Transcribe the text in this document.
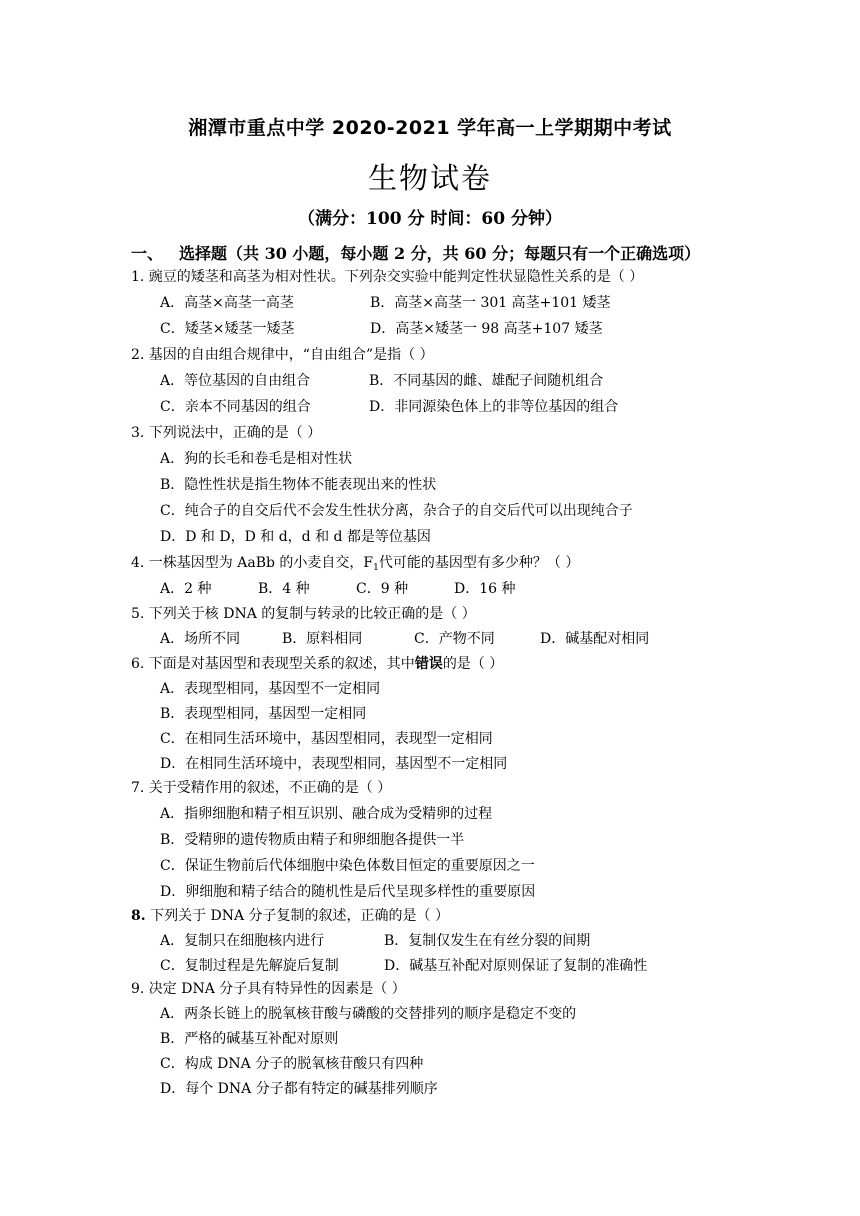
湘潭市重点中学 2020-2021 学年高一上学期期中考试
生物试卷
（满分：100 分 时间：60 分钟）
一、 选择题（共 30 小题，每小题 2 分，共 60 分；每题只有一个正确选项）
1. 豌豆的矮茎和高茎为相对性状。下列杂交实验中能判定性状显隐性关系的是（ ）
A．高茎×高茎一高茎	B．高茎×高茎一 301 高茎+101 矮茎
C．矮茎×矮茎一矮茎	D．高茎×矮茎一 98 高茎+107 矮茎
2. 基因的自由组合规律中，“自由组合”是指（ ）
A．等位基因的自由组合	B．不同基因的雌、雄配子间随机组合
C．亲本不同基因的组合	D．非同源染色体上的非等位基因的组合
3. 下列说法中，正确的是（ ）
A．狗的长毛和卷毛是相对性状
B．隐性性状是指生物体不能表现出来的性状
C．纯合子的自交后代不会发生性状分离，杂合子的自交后代可以出现纯合子
D．D 和 D，D 和 d，d 和 d 都是等位基因
4. 一株基因型为 AaBb 的小麦自交，$F_1$代可能的基因型有多少种？（ ）
A．2 种	B．4 种	C．9 种	D．16 种
5. 下列关于核 DNA 的复制与转录的比较正确的是（ ）
A．场所不同	B．原料相同	C．产物不同	D．碱基配对相同
6. 下面是对基因型和表现型关系的叙述，其中错误的是（ ）
A．表现型相同，基因型不一定相同
B．表现型相同，基因型一定相同
C．在相同生活环境中，基因型相同，表现型一定相同
D．在相同生活环境中，表现型相同，基因型不一定相同
7. 关于受精作用的叙述，不正确的是（ ）
A．指卵细胞和精子相互识别、融合成为受精卵的过程
B．受精卵的遗传物质由精子和卵细胞各提供一半
C．保证生物前后代体细胞中染色体数目恒定的重要原因之一
D．卵细胞和精子结合的随机性是后代呈现多样性的重要原因
8. 下列关于 DNA 分子复制的叙述，正确的是（ ）
A．复制只在细胞核内进行	B．复制仅发生在有丝分裂的间期
C．复制过程是先解旋后复制	D．碱基互补配对原则保证了复制的准确性
9. 决定 DNA 分子具有特异性的因素是（ ）
A．两条长链上的脱氧核苷酸与磷酸的交替排列的顺序是稳定不变的
B．严格的碱基互补配对原则
C．构成 DNA 分子的脱氧核苷酸只有四种
D．每个 DNA 分子都有特定的碱基排列顺序
